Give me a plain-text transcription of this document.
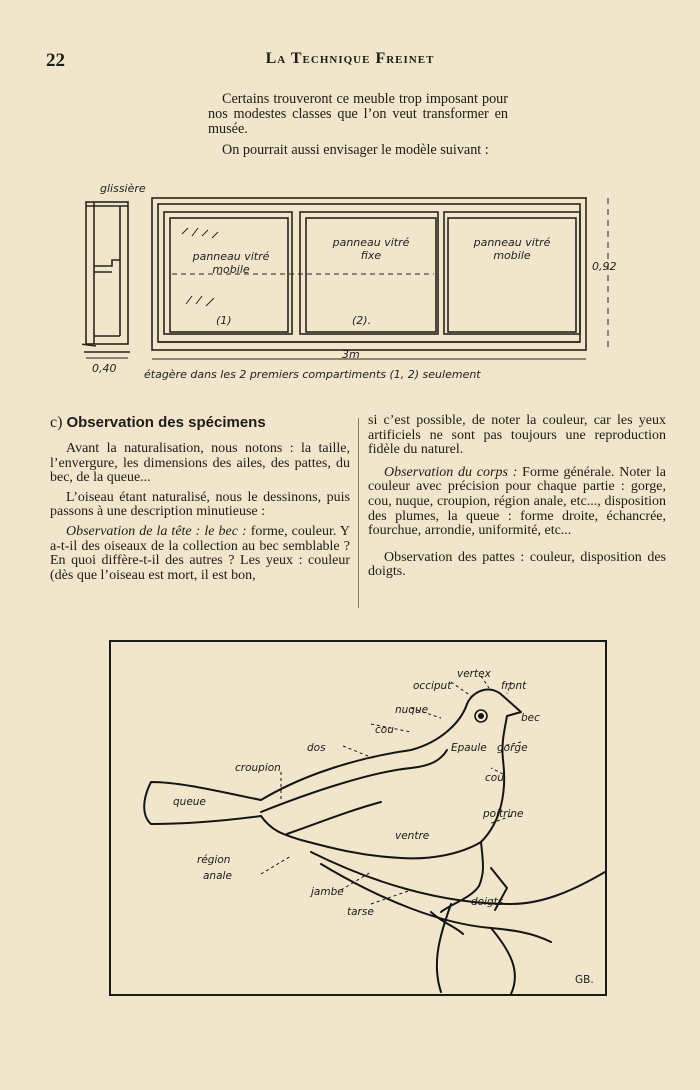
22	La Technique Freinet

Certains trouveront ce meuble trop imposant pour nos modestes classes que l’on veut transformer en musée.

On pourrait aussi envisager le modèle suivant :

glissière
0,40
0,92
3m
panneau vitré mobile
panneau vitré fixe
panneau vitré mobile
(1)	(2).
étagère dans les 2 premiers compartiments (1, 2) seulement
c) Observation des spécimens

Avant la naturalisation, nous notons : la taille, l’envergure, les dimensions des ailes, des pattes, du bec, de la queue...

L’oiseau étant naturalisé, nous le dessinons, puis passons à une description minutieuse :

Observation de la tête : le bec : forme, couleur. Y a-t-il des oiseaux de la collection au bec semblable ? En quoi diffère-t-il des autres ? Les yeux : couleur (dès que l’oiseau est mort, il est bon,

si c’est possible, de noter la couleur, car les yeux artificiels ne sont pas toujours une reproduction fidèle du naturel.

Observation du corps : Forme générale. Noter la couleur avec précision pour chaque partie : gorge, cou, nuque, croupion, région anale, etc..., disposition des plumes, la queue : forme droite, échancrée, fourchue, arrondie, uniformité, etc...

Observation des pattes : couleur, disposition des doigts.

occiput
vertex
front
nuque
bec
cou
dos	Epaule gorge
croupion
cou
queue
poitrine
ventre
région
anale
jambe
tarse
doigts
GB.
